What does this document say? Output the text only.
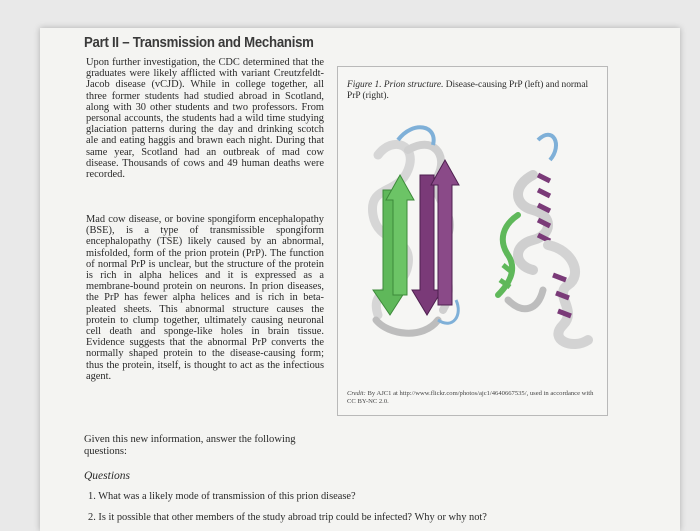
Part II – Transmission and Mechanism
Upon further investigation, the CDC determined that the graduates were likely afflicted with variant Creutzfeldt-Jacob disease (vCJD). While in college together, all three former students had studied abroad in Scotland, along with 30 other students and two professors. From personal accounts, the students had a wild time studying glaciation patterns during the day and drinking scotch ale and eating haggis and brawn each night. During that same year, Scotland had an outbreak of mad cow disease. Thousands of cows and 49 human deaths were recorded.
Mad cow disease, or bovine spongiform encephalopathy (BSE), is a type of transmissible spongiform encephalopathy (TSE) likely caused by an abnormal, misfolded, form of the prion protein (PrP). The function of normal PrP is unclear, but the structure of the protein is rich in alpha helices and it is expressed as a membrane-bound protein on neurons. In prion diseases, the PrP has fewer alpha helices and is rich in beta-pleated sheets. This abnormal structure causes the protein to clump together, ultimately causing neuronal cell death and sponge-like holes in brain tissue. Evidence suggests that the abnormal PrP converts the normally shaped protein to the disease-causing form; thus the protein, itself, is thought to act as the infectious agent.
Figure 1. Prion structure. Disease-causing PrP (left) and normal PrP (right).
Credit: By AJC1 at http://www.flickr.com/photos/ajc1/4640667535/, used in accordance with CC BY-NC 2.0.
Given this new information, answer the following questions:
Questions
1. What was a likely mode of transmission of this prion disease?
2. Is it possible that other members of the study abroad trip could be infected? Why or why not?
